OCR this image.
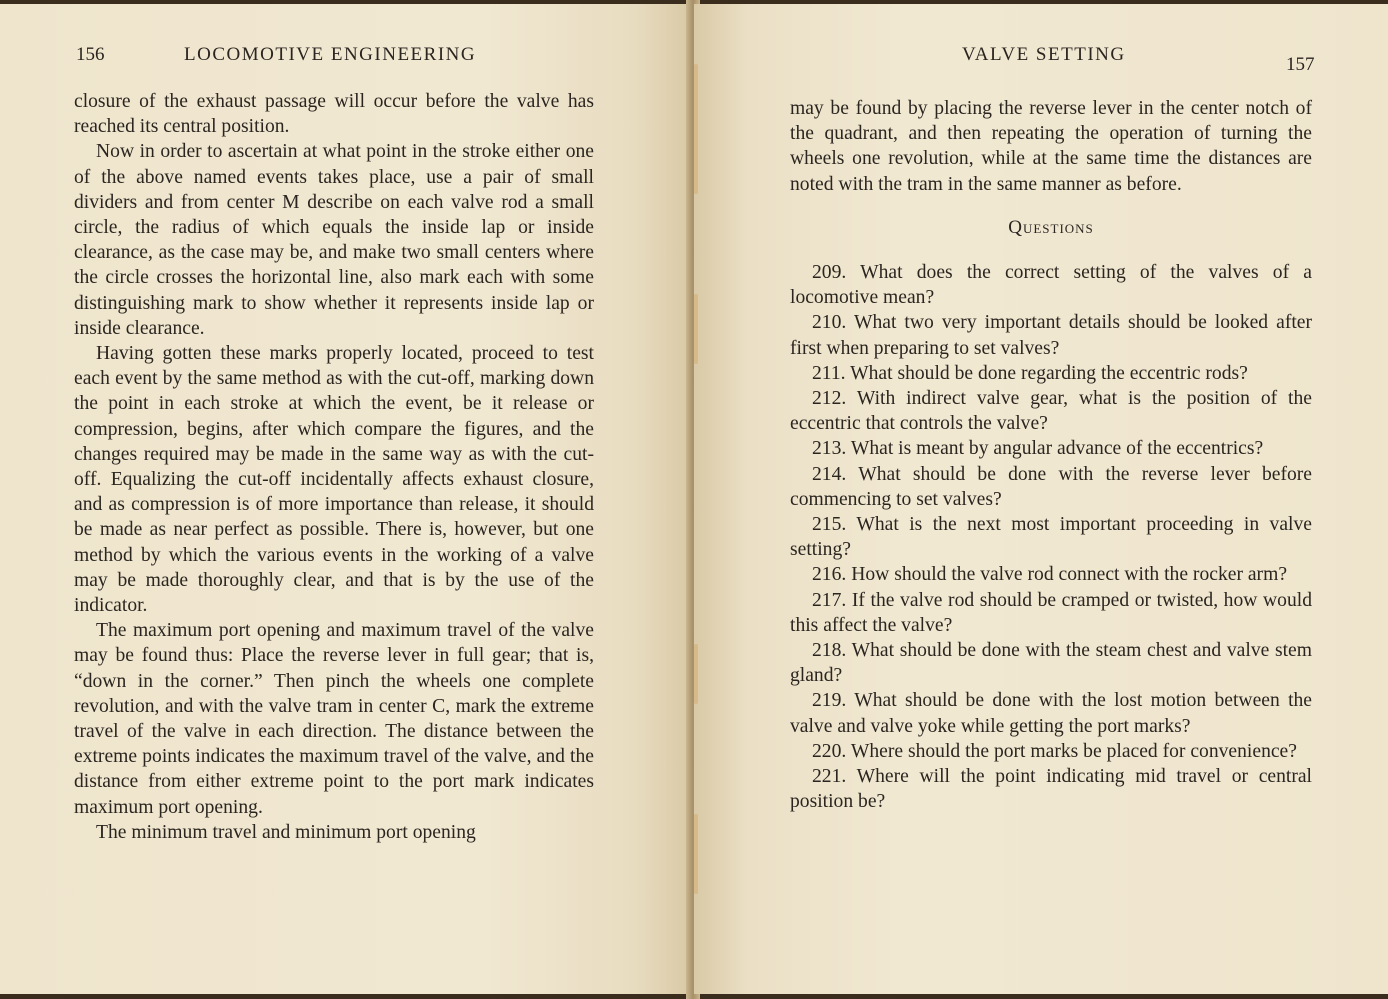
156	LOCOMOTIVE ENGINEERING

closure of the exhaust passage will occur before the valve has reached its central position.

Now in order to ascertain at what point in the stroke either one of the above named events takes place, use a pair of small dividers and from center M describe on each valve rod a small circle, the radius of which equals the inside lap or inside clearance, as the case may be, and make two small centers where the circle crosses the horizontal line, also mark each with some distinguishing mark to show whether it represents inside lap or inside clearance.

Having gotten these marks properly located, proceed to test each event by the same method as with the cut-off, marking down the point in each stroke at which the event, be it release or compression, begins, after which compare the figures, and the changes required may be made in the same way as with the cut-off. Equalizing the cut-off incidentally affects exhaust closure, and as compression is of more importance than release, it should be made as near perfect as possible. There is, however, but one method by which the various events in the working of a valve may be made thoroughly clear, and that is by the use of the indicator.

The maximum port opening and maximum travel of the valve may be found thus: Place the reverse lever in full gear; that is, “down in the corner.” Then pinch the wheels one complete revolution, and with the valve tram in center C, mark the extreme travel of the valve in each direction. The distance between the extreme points indicates the maximum travel of the valve, and the distance from either extreme point to the port mark indicates maximum port opening.

The minimum travel and minimum port opening

VALVE SETTING	157

may be found by placing the reverse lever in the center notch of the quadrant, and then repeating the operation of turning the wheels one revolution, while at the same time the distances are noted with the tram in the same manner as before.

Questions

209. What does the correct setting of the valves of a locomotive mean?

210. What two very important details should be looked after first when preparing to set valves?

211. What should be done regarding the eccentric rods?

212. With indirect valve gear, what is the position of the eccentric that controls the valve?

213. What is meant by angular advance of the eccentrics?

214. What should be done with the reverse lever before commencing to set valves?

215. What is the next most important proceeding in valve setting?

216. How should the valve rod connect with the rocker arm?

217. If the valve rod should be cramped or twisted, how would this affect the valve?

218. What should be done with the steam chest and valve stem gland?

219. What should be done with the lost motion between the valve and valve yoke while getting the port marks?

220. Where should the port marks be placed for convenience?

221. Where will the point indicating mid travel or central position be?
